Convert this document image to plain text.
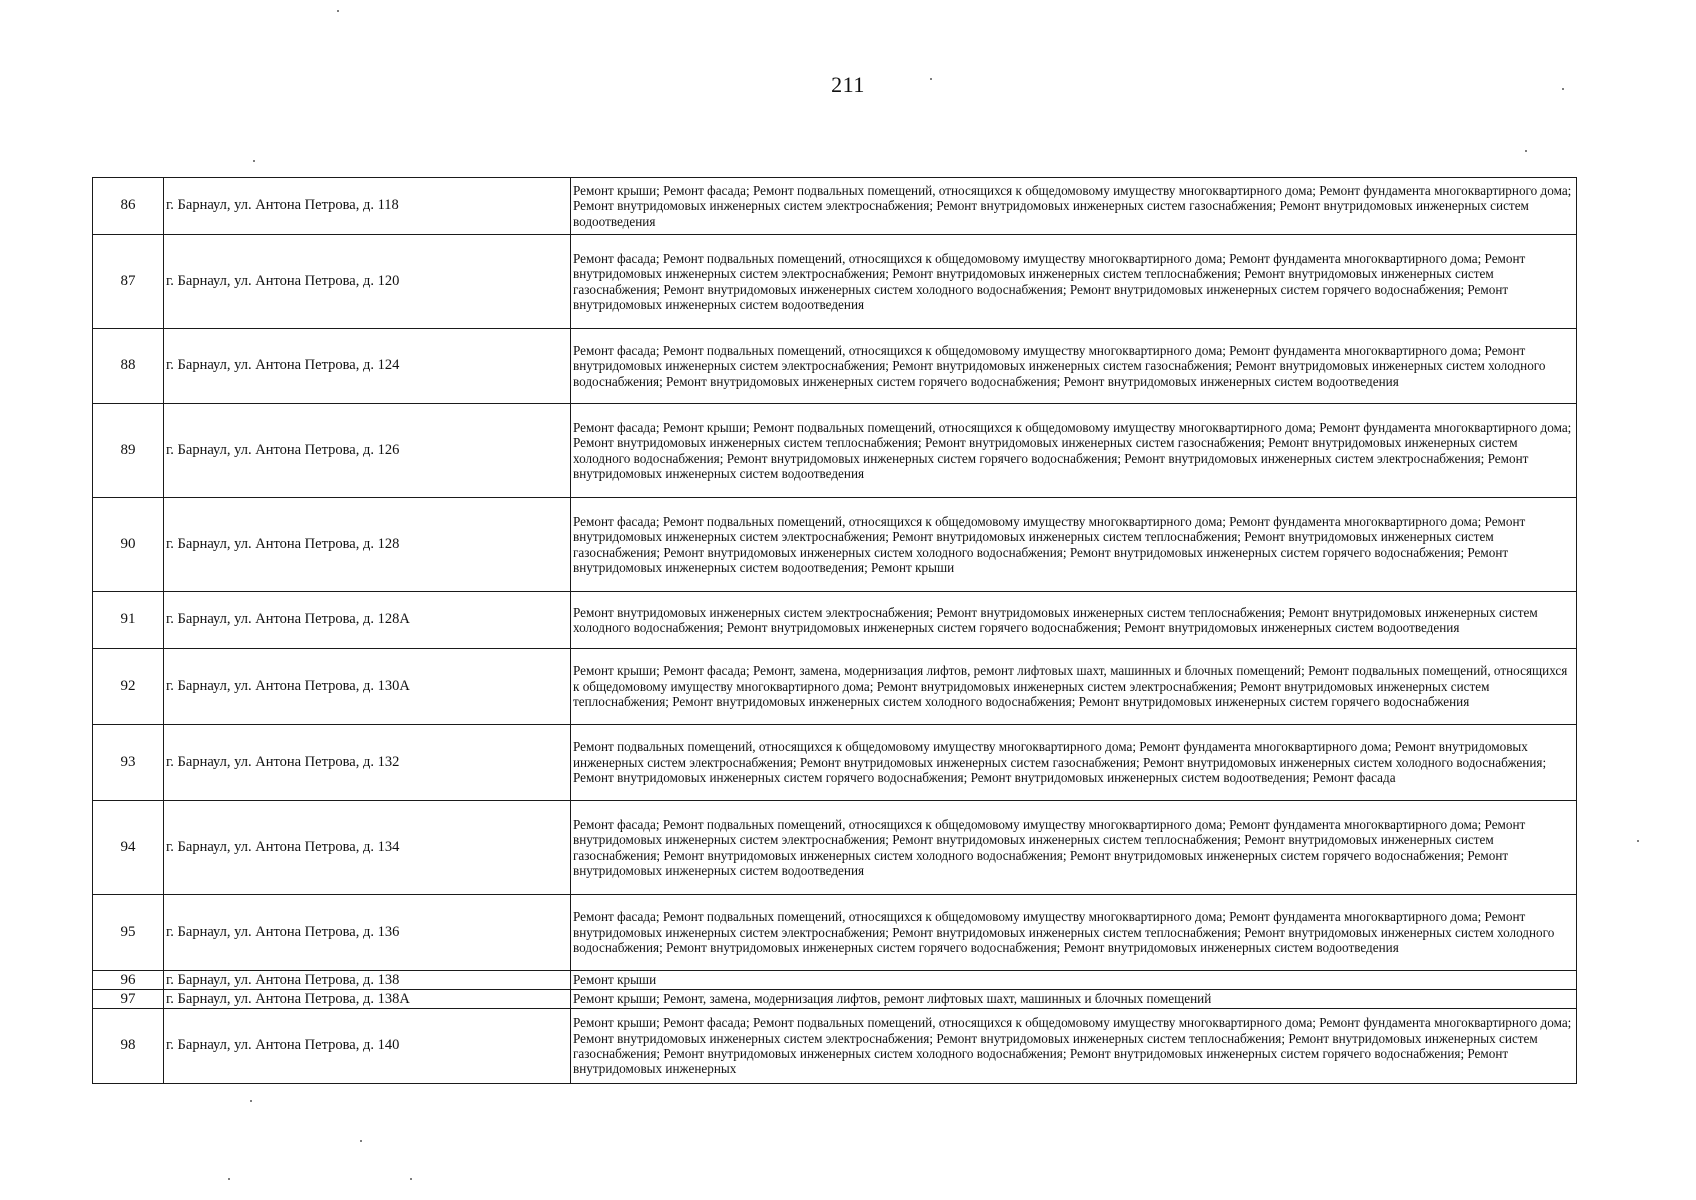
211
86	г. Барнаул, ул. Антона Петрова, д. 118	Ремонт крыши; Ремонт фасада; Ремонт подвальных помещений, относящихся к общедомовому имуществу многоквартирного дома; Ремонт фундамента многоквартирного дома; Ремонт внутридомовых инженерных систем электроснабжения; Ремонт внутридомовых инженерных систем газоснабжения; Ремонт внутридомовых инженерных систем водоотведения
87	г. Барнаул, ул. Антона Петрова, д. 120	Ремонт фасада; Ремонт подвальных помещений, относящихся к общедомовому имуществу многоквартирного дома; Ремонт фундамента многоквартирного дома; Ремонт внутридомовых инженерных систем электроснабжения; Ремонт внутридомовых инженерных систем теплоснабжения; Ремонт внутридомовых инженерных систем газоснабжения; Ремонт внутридомовых инженерных систем холодного водоснабжения; Ремонт внутридомовых инженерных систем горячего водоснабжения; Ремонт внутридомовых инженерных систем водоотведения
88	г. Барнаул, ул. Антона Петрова, д. 124	Ремонт фасада; Ремонт подвальных помещений, относящихся к общедомовому имуществу многоквартирного дома; Ремонт фундамента многоквартирного дома; Ремонт внутридомовых инженерных систем электроснабжения; Ремонт внутридомовых инженерных систем газоснабжения; Ремонт внутридомовых инженерных систем холодного водоснабжения; Ремонт внутридомовых инженерных систем горячего водоснабжения; Ремонт внутридомовых инженерных систем водоотведения
89	г. Барнаул, ул. Антона Петрова, д. 126	Ремонт фасада; Ремонт крыши; Ремонт подвальных помещений, относящихся к общедомовому имуществу многоквартирного дома; Ремонт фундамента многоквартирного дома; Ремонт внутридомовых инженерных систем теплоснабжения; Ремонт внутридомовых инженерных систем газоснабжения; Ремонт внутридомовых инженерных систем холодного водоснабжения; Ремонт внутридомовых инженерных систем горячего водоснабжения; Ремонт внутридомовых инженерных систем электроснабжения; Ремонт внутридомовых инженерных систем водоотведения
90	г. Барнаул, ул. Антона Петрова, д. 128	Ремонт фасада; Ремонт подвальных помещений, относящихся к общедомовому имуществу многоквартирного дома; Ремонт фундамента многоквартирного дома; Ремонт внутридомовых инженерных систем электроснабжения; Ремонт внутридомовых инженерных систем теплоснабжения; Ремонт внутридомовых инженерных систем газоснабжения; Ремонт внутридомовых инженерных систем холодного водоснабжения; Ремонт внутридомовых инженерных систем горячего водоснабжения; Ремонт внутридомовых инженерных систем водоотведения; Ремонт крыши
91	г. Барнаул, ул. Антона Петрова, д. 128А	Ремонт внутридомовых инженерных систем электроснабжения; Ремонт внутридомовых инженерных систем теплоснабжения; Ремонт внутридомовых инженерных систем холодного водоснабжения; Ремонт внутридомовых инженерных систем горячего водоснабжения; Ремонт внутридомовых инженерных систем водоотведения
92	г. Барнаул, ул. Антона Петрова, д. 130А	Ремонт крыши; Ремонт фасада; Ремонт, замена, модернизация лифтов, ремонт лифтовых шахт, машинных и блочных помещений; Ремонт подвальных помещений, относящихся к общедомовому имуществу многоквартирного дома; Ремонт внутридомовых инженерных систем электроснабжения; Ремонт внутридомовых инженерных систем теплоснабжения; Ремонт внутридомовых инженерных систем холодного водоснабжения; Ремонт внутридомовых инженерных систем горячего водоснабжения
93	г. Барнаул, ул. Антона Петрова, д. 132	Ремонт подвальных помещений, относящихся к общедомовому имуществу многоквартирного дома; Ремонт фундамента многоквартирного дома; Ремонт внутридомовых инженерных систем электроснабжения; Ремонт внутридомовых инженерных систем газоснабжения; Ремонт внутридомовых инженерных систем холодного водоснабжения; Ремонт внутридомовых инженерных систем горячего водоснабжения; Ремонт внутридомовых инженерных систем водоотведения; Ремонт фасада
94	г. Барнаул, ул. Антона Петрова, д. 134	Ремонт фасада; Ремонт подвальных помещений, относящихся к общедомовому имуществу многоквартирного дома; Ремонт фундамента многоквартирного дома; Ремонт внутридомовых инженерных систем электроснабжения; Ремонт внутридомовых инженерных систем теплоснабжения; Ремонт внутридомовых инженерных систем газоснабжения; Ремонт внутридомовых инженерных систем холодного водоснабжения; Ремонт внутридомовых инженерных систем горячего водоснабжения; Ремонт внутридомовых инженерных систем водоотведения
95	г. Барнаул, ул. Антона Петрова, д. 136	Ремонт фасада; Ремонт подвальных помещений, относящихся к общедомовому имуществу многоквартирного дома; Ремонт фундамента многоквартирного дома; Ремонт внутридомовых инженерных систем электроснабжения; Ремонт внутридомовых инженерных систем теплоснабжения; Ремонт внутридомовых инженерных систем холодного водоснабжения; Ремонт внутридомовых инженерных систем горячего водоснабжения; Ремонт внутридомовых инженерных систем водоотведения
96	г. Барнаул, ул. Антона Петрова, д. 138	Ремонт крыши
97	г. Барнаул, ул. Антона Петрова, д. 138А	Ремонт крыши; Ремонт, замена, модернизация лифтов, ремонт лифтовых шахт, машинных и блочных помещений
98	г. Барнаул, ул. Антона Петрова, д. 140	Ремонт крыши; Ремонт фасада; Ремонт подвальных помещений, относящихся к общедомовому имуществу многоквартирного дома; Ремонт фундамента многоквартирного дома; Ремонт внутридомовых инженерных систем электроснабжения; Ремонт внутридомовых инженерных систем теплоснабжения; Ремонт внутридомовых инженерных систем газоснабжения; Ремонт внутридомовых инженерных систем холодного водоснабжения; Ремонт внутридомовых инженерных систем горячего водоснабжения; Ремонт внутридомовых инженерных
